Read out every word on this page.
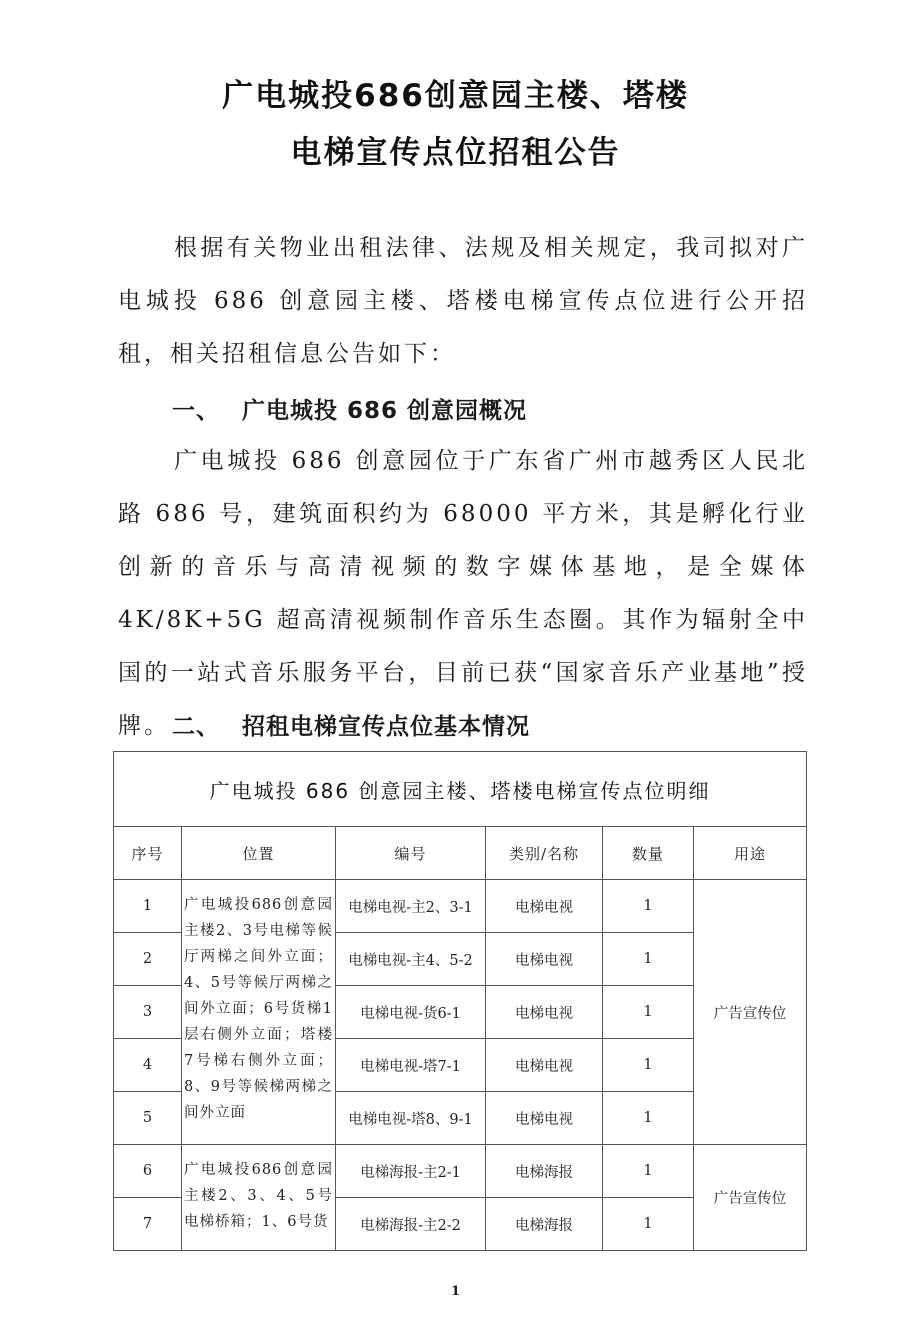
广电城投686创意园主楼、塔楼
电梯宣传点位招租公告

根据有关物业出租法律、法规及相关规定，我司拟对广电城投 686 创意园主楼、塔楼电梯宣传点位进行公开招租，相关招租信息公告如下：

一、 广电城投 686 创意园概况

广电城投 686 创意园位于广东省广州市越秀区人民北路 686 号，建筑面积约为 68000 平方米，其是孵化行业创新的音乐与高清视频的数字媒体基地，是全媒体 4K/8K+5G 超高清视频制作音乐生态圈。其作为辐射全中国的一站式音乐服务平台，目前已获“国家音乐产业基地”授牌。 二、 招租电梯宣传点位基本情况
广电城投 686 创意园主楼、塔楼电梯宣传点位明细					
序号	位置	编号	类别/名称	数量	用途
1	广电城投686创意园主楼2、3号电梯等候厅两梯之间外立面；4、5号等候厅两梯之间外立面；6号货梯1层右侧外立面；塔楼7号梯右侧外立面；8、9号等候梯两梯之间外立面	电梯电视-主2、3-1	电梯电视	1	广告宣传位
2		电梯电视-主4、5-2	电梯电视	1	
3		电梯电视-货6-1	电梯电视	1	
4		电梯电视-塔7-1	电梯电视	1	
5		电梯电视-塔8、9-1	电梯电视	1	
6	广电城投686创意园主楼2、3、4、5号电梯桥箱；1、6号货	电梯海报-主2-1	电梯海报	1	广告宣传位
7		电梯海报-主2-2	电梯海报	1	
1
